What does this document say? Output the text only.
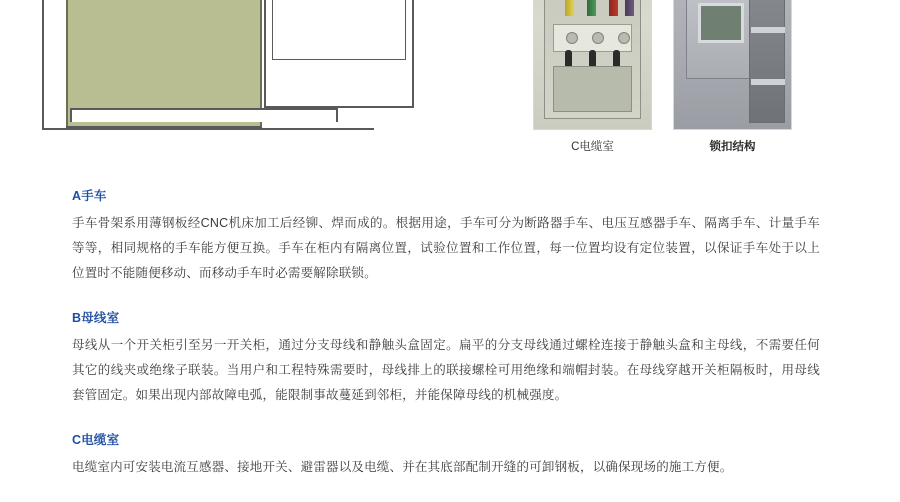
C电缆室	锁扣结构
A手车
手车骨架系用薄钢板经CNC机床加工后经铆、焊而成的。根据用途，手车可分为断路器手车、电压互感器手车、隔离手车、计量手车等等，相同规格的手车能方便互换。手车在柜内有隔离位置，试验位置和工作位置，每一位置均设有定位装置，以保证手车处于以上位置时不能随便移动、而移动手车时必需要解除联锁。
B母线室
母线从一个开关柜引至另一开关柜，通过分支母线和静触头盒固定。扁平的分支母线通过螺栓连接于静触头盒和主母线，不需要任何其它的线夹或绝缘子联装。当用户和工程特殊需要时，母线排上的联接螺栓可用绝缘和端帽封装。在母线穿越开关柜隔板时，用母线套管固定。如果出现内部故障电弧，能限制事故蔓延到邻柜，并能保障母线的机械强度。
C电缆室
电缆室内可安装电流互感器、接地开关、避雷器以及电缆、并在其底部配制开缝的可卸钢板，以确保现场的施工方便。
